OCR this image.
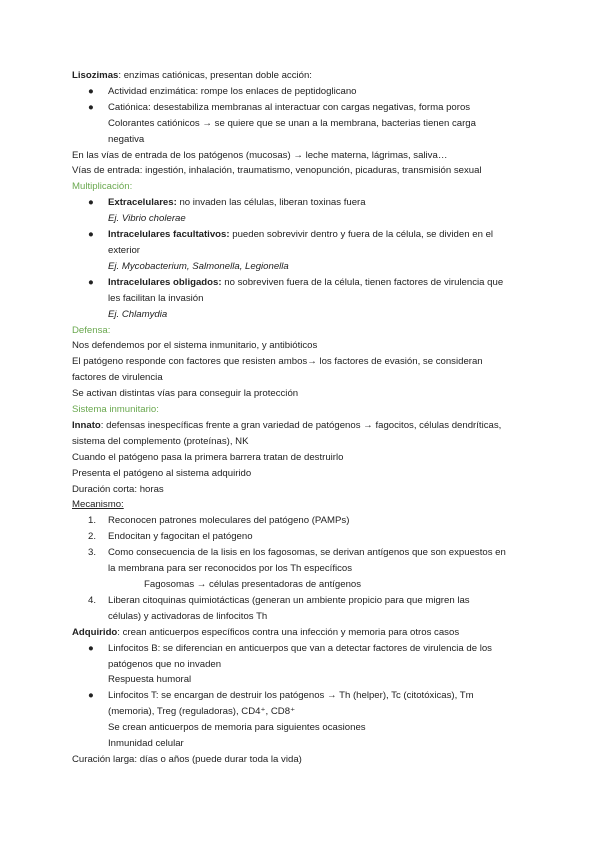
Lisozimas: enzimas catiónicas, presentan doble acción:

● Actividad enzimática: rompe los enlaces de peptidoglicano

● Catiónica: desestabiliza membranas al interactuar con cargas negativas, forma poros

Colorantes catiónicos → se quiere que se unan a la membrana, bacterias tienen carga

negativa

En las vías de entrada de los patógenos (mucosas) → leche materna, lágrimas, saliva…

Vías de entrada: ingestión, inhalación, traumatismo, venopunción, picaduras, transmisión sexual

Multiplicación:

● Extracelulares: no invaden las células, liberan toxinas fuera

Ej. Vibrio cholerae

● Intracelulares facultativos: pueden sobrevivir dentro y fuera de la célula, se dividen en el

exterior

Ej. Mycobacterium, Salmonella, Legionella

● Intracelulares obligados: no sobreviven fuera de la célula, tienen factores de virulencia que

les facilitan la invasión

Ej. Chlamydia

Defensa:

Nos defendemos por el sistema inmunitario, y antibióticos

El patógeno responde con factores que resisten ambos→ los factores de evasión, se consideran

factores de virulencia

Se activan distintas vías para conseguir la protección

Sistema inmunitario:

Innato: defensas inespecíficas frente a gran variedad de patógenos → fagocitos, células dendríticas,

sistema del complemento (proteínas), NK

Cuando el patógeno pasa la primera barrera tratan de destruirlo

Presenta el patógeno al sistema adquirido

Duración corta: horas

Mecanismo:

1. Reconocen patrones moleculares del patógeno (PAMPs)

2. Endocitan y fagocitan el patógeno

3. Como consecuencia de la lisis en los fagosomas, se derivan antígenos que son expuestos en

la membrana para ser reconocidos por los Th específicos

Fagosomas → células presentadoras de antígenos

4. Liberan citoquinas quimiotácticas (generan un ambiente propicio para que migren las

células) y activadoras de linfocitos Th

Adquirido: crean anticuerpos específicos contra una infección y memoria para otros casos

● Linfocitos B: se diferencian en anticuerpos que van a detectar factores de virulencia de los

patógenos que no invaden

Respuesta humoral

● Linfocitos T: se encargan de destruir los patógenos → Th (helper), Tc (citotóxicas), Tm

(memoria), Treg (reguladoras), CD4⁺, CD8⁺

Se crean anticuerpos de memoria para siguientes ocasiones

Inmunidad celular

Curación larga: días o años (puede durar toda la vida)
